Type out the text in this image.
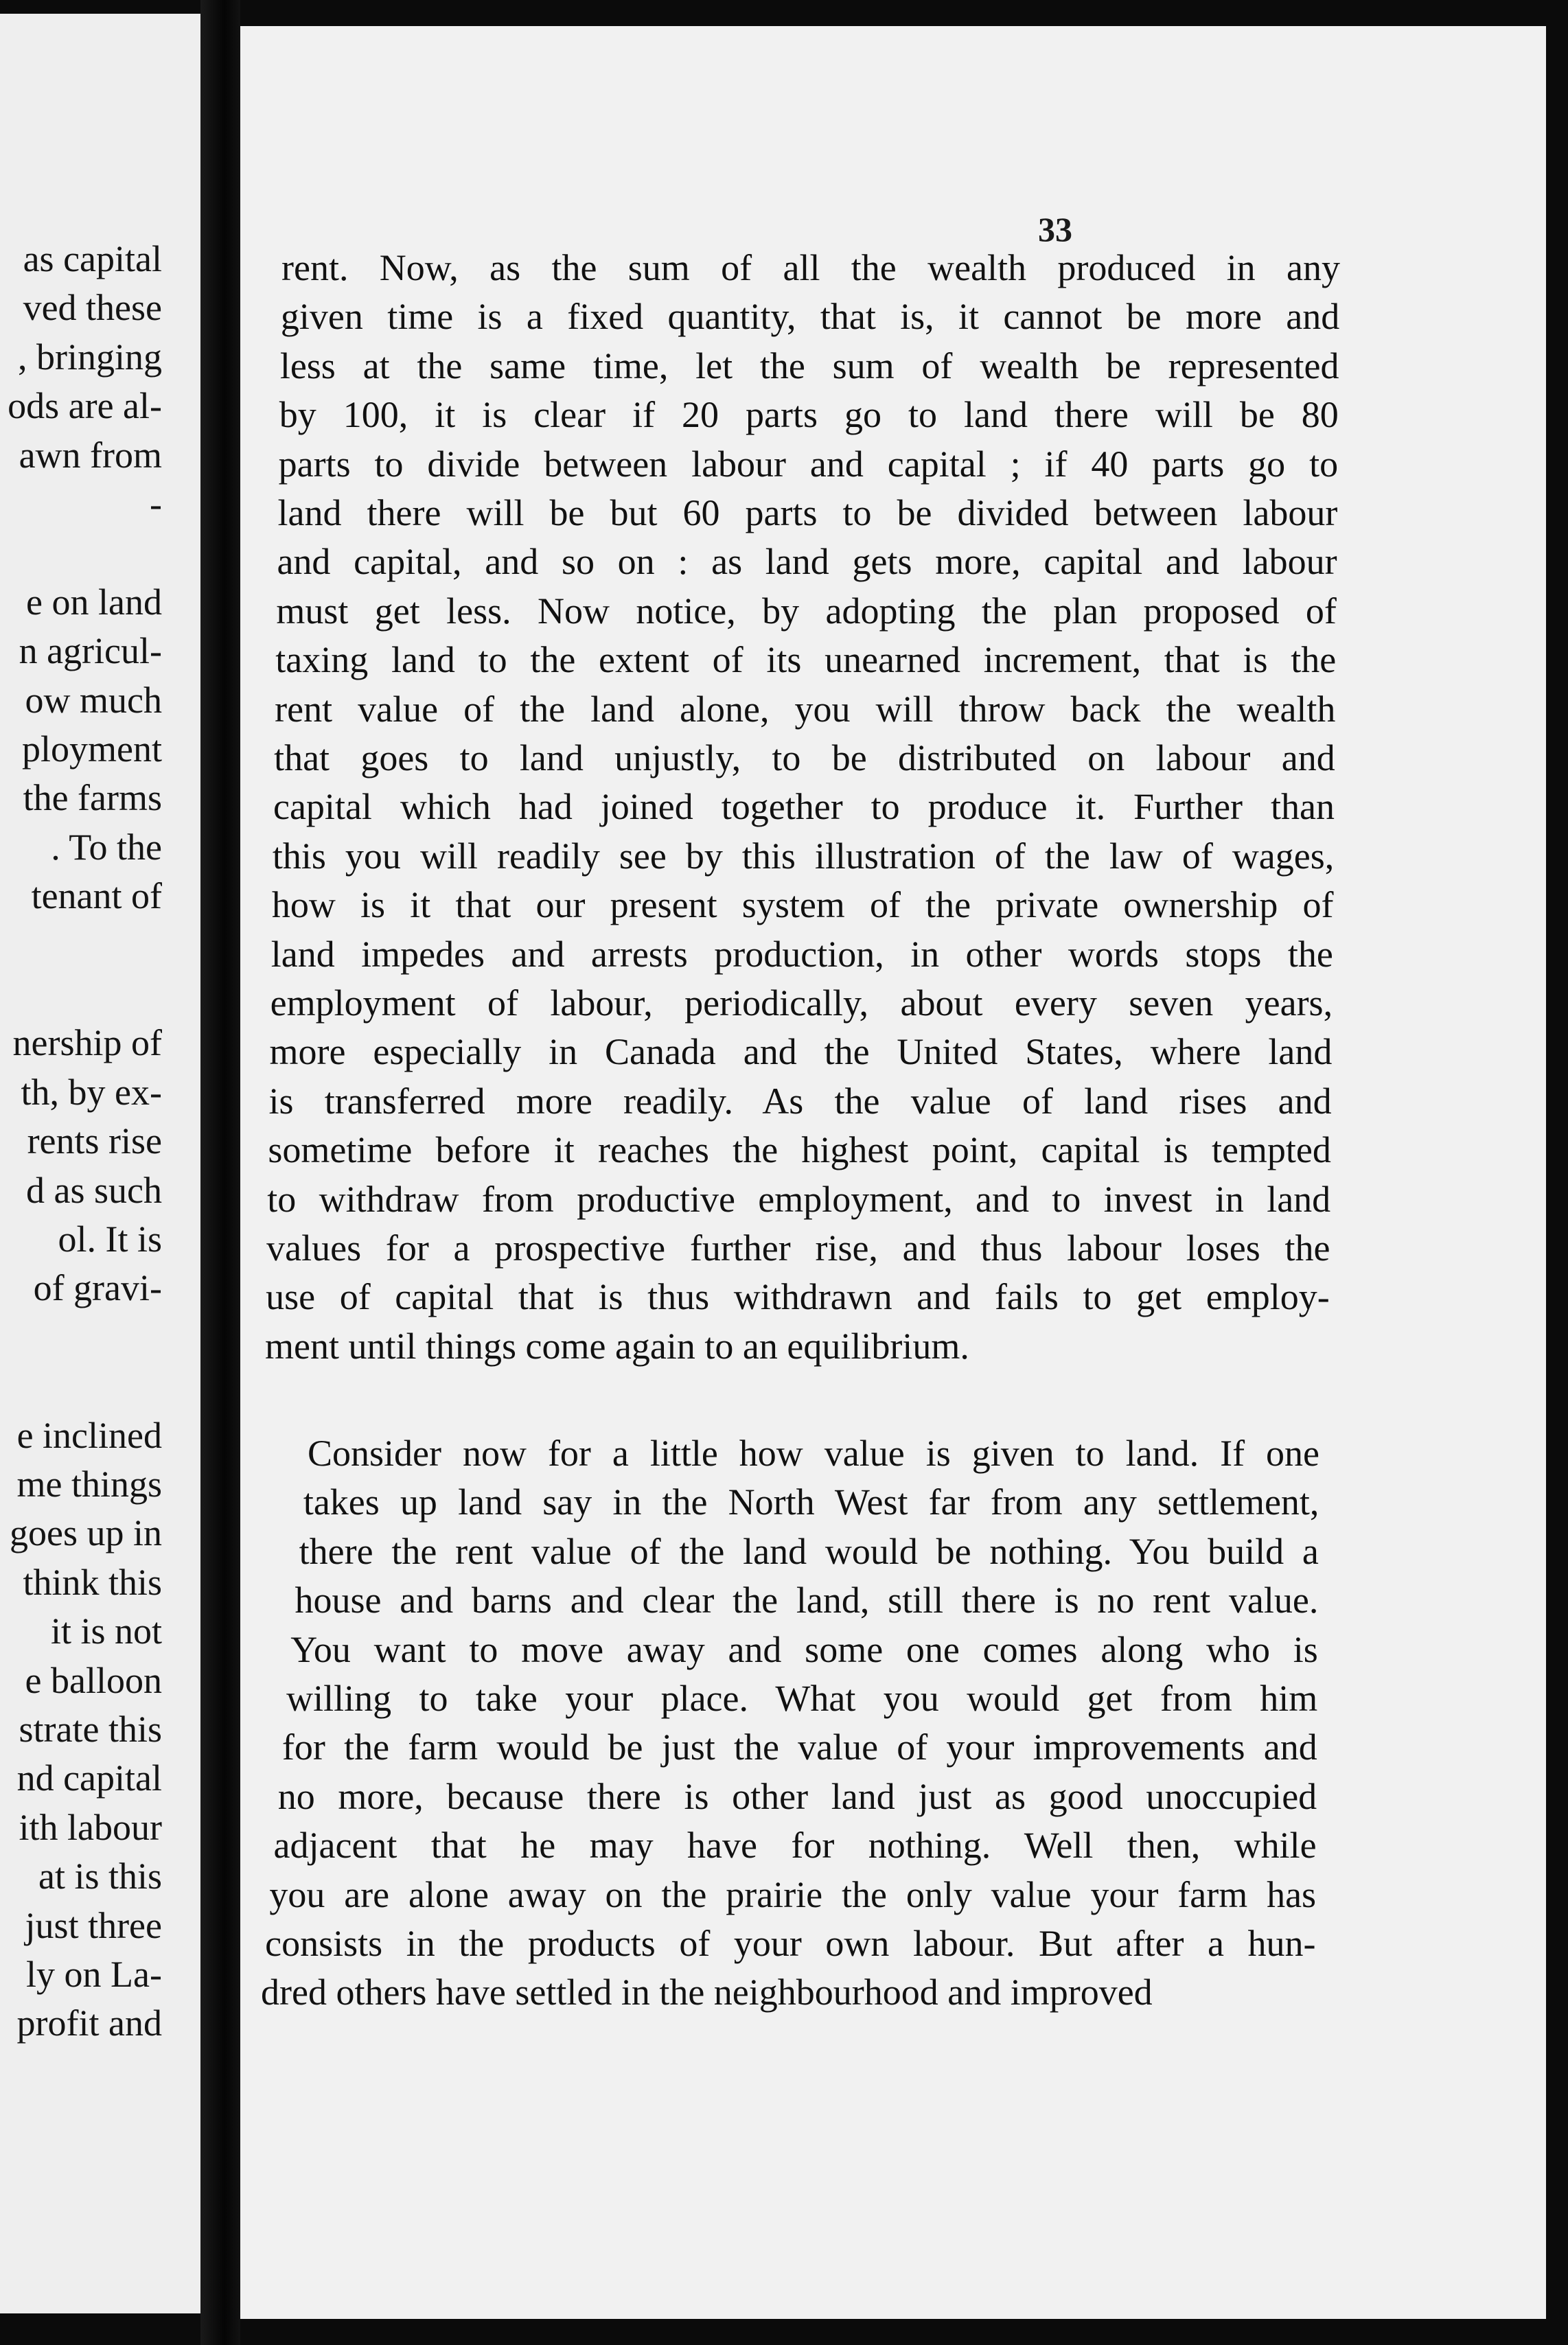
as capital
ved these
, bringing
ods are al-
awn from
-
e on land
n agricul-
ow much
ployment
the farms
. To the
tenant of
nership of
th, by ex-
rents rise
d as such
ol. It is
of gravi-
e inclined
me things
goes up in
think this
it is not
e balloon
strate this
nd capital
ith labour
at is this
just three
ly on La-
profit and
33
rent. Now, as the sum of all the wealth produced in any
given time is a fixed quantity, that is, it cannot be more and
less at the same time, let the sum of wealth be represented
by 100, it is clear if 20 parts go to land there will be 80
parts to divide between labour and capital ; if 40 parts go to
land there will be but 60 parts to be divided between labour
and capital, and so on : as land gets more, capital and labour
must get less. Now notice, by adopting the plan proposed of
taxing land to the extent of its unearned increment, that is the
rent value of the land alone, you will throw back the wealth
that goes to land unjustly, to be distributed on labour and
capital which had joined together to produce it. Further than
this you will readily see by this illustration of the law of wages,
how is it that our present system of the private ownership of
land impedes and arrests production, in other words stops the
employment of labour, periodically, about every seven years,
more especially in Canada and the United States, where land
is transferred more readily. As the value of land rises and
sometime before it reaches the highest point, capital is tempted
to withdraw from productive employment, and to invest in land
values for a prospective further rise, and thus labour loses the
use of capital that is thus withdrawn and fails to get employ-
ment until things come again to an equilibrium.
Consider now for a little how value is given to land. If one
takes up land say in the North West far from any settlement,
there the rent value of the land would be nothing. You build a
house and barns and clear the land, still there is no rent value.
You want to move away and some one comes along who is
willing to take your place. What you would get from him
for the farm would be just the value of your improvements and
no more, because there is other land just as good unoccupied
adjacent that he may have for nothing. Well then, while
you are alone away on the prairie the only value your farm has
consists in the products of your own labour. But after a hun-
dred others have settled in the neighbourhood and improved
